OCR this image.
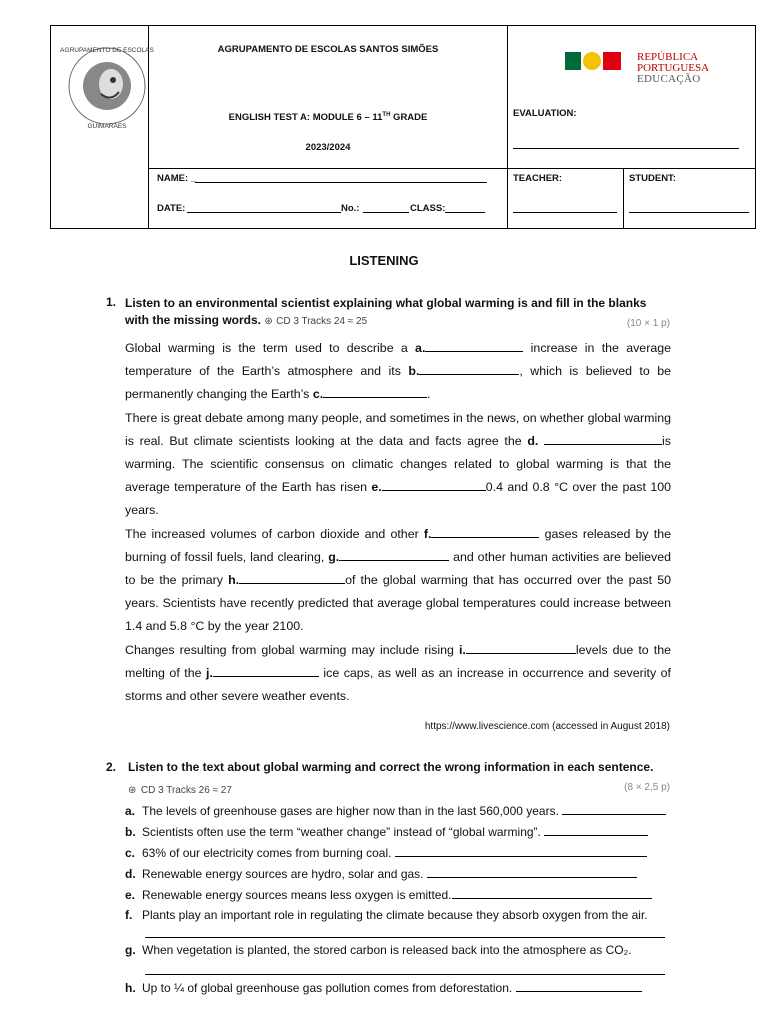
AGRUPAMENTO DE ESCOLAS
GUIMARÃES
AGRUPAMENTO DE ESCOLAS SANTOS SIMÕES
ENGLISH TEST A: MODULE 6 – 11TH GRADE
2023/2024
NAME: _
DATE:	No.:	CLASS:
REPÚBLICA
PORTUGUESA
EDUCAÇÃO
EVALUATION:
TEACHER:	STUDENT:
LISTENING
1. Listen to an environmental scientist explaining what global warming is and fill in the blanks with the missing words. ⊛ CD 3 Tracks 24 ≈ 25	(10 × 1 p)
Global warming is the term used to describe a a.	increase in the average temperature of the Earth’s atmosphere and its b.	, which is believed to be permanently changing the Earth’s c.	.
There is great debate among many people, and sometimes in the news, on whether global warming is real. But climate scientists looking at the data and facts agree the d.	is warming. The scientific consensus on climatic changes related to global warming is that the average temperature of the Earth has risen e.	0.4 and 0.8 °C over the past 100 years.
The increased volumes of carbon dioxide and other f.	gases released by the burning of fossil fuels, land clearing, g.	and other human activities are believed to be the primary h.	of the global warming that has occurred over the past 50 years. Scientists have recently predicted that average global temperatures could increase between 1.4 and 5.8 °C by the year 2100.
Changes resulting from global warming may include rising i.	levels due to the melting of the j.	ice caps, as well as an increase in occurrence and severity of storms and other severe weather events.
https://www.livescience.com (accessed in August 2018)
2. Listen to the text about global warming and correct the wrong information in each sentence.
⊛ CD 3 Tracks 26 ≈ 27	(8 × 2,5 p)
a. The levels of greenhouse gases are higher now than in the last 560,000 years.
b. Scientists often use the term “weather change” instead of “global warming”.
c. 63% of our electricity comes from burning coal.
d. Renewable energy sources are hydro, solar and gas.
e. Renewable energy sources means less oxygen is emitted.
f. Plants play an important role in regulating the climate because they absorb oxygen from the air.
g. When vegetation is planted, the stored carbon is released back into the atmosphere as CO₂.
h. Up to ¼ of global greenhouse gas pollution comes from deforestation.
